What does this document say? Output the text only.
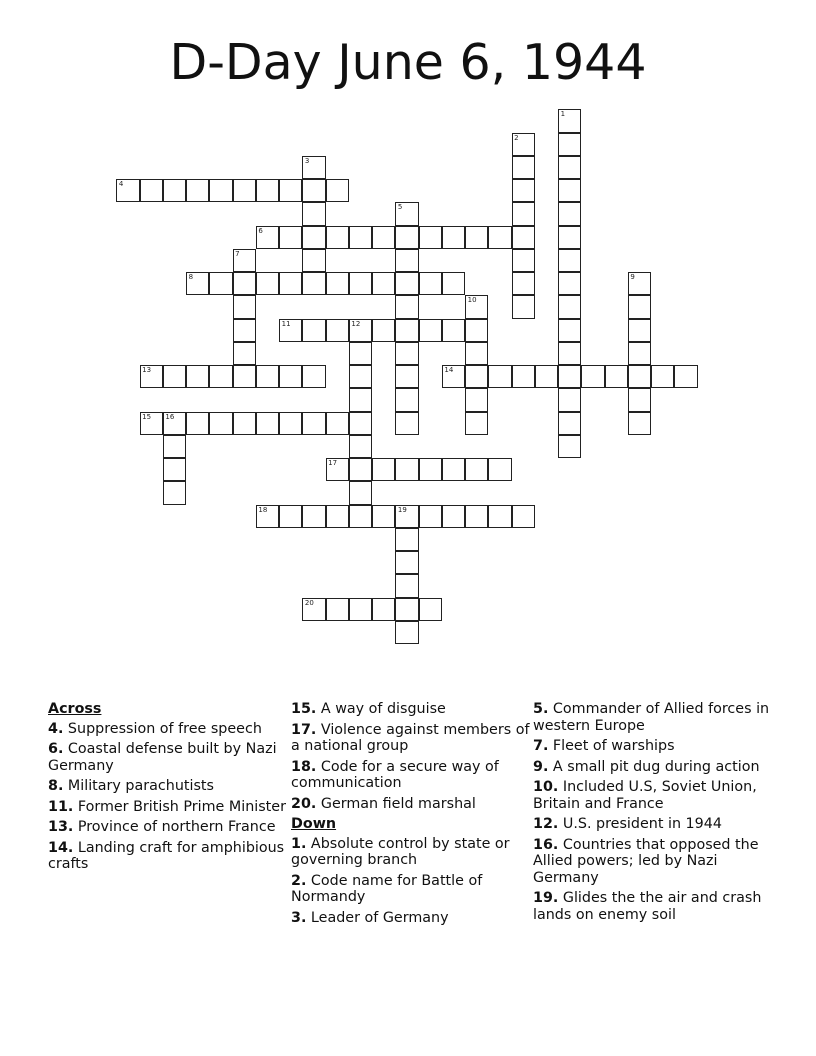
D-Day June 6, 1944
1
2
3
4
5
6
7
8	9
10
11	12
13	14
15 16
17
18	19
20
Across
4. Suppression of free speech
6. Coastal defense built by Nazi Germany
8. Military parachutists
11. Former British Prime Minister
13. Province of northern France
14. Landing craft for amphibious crafts
15. A way of disguise
17. Violence against members of a national group
18. Code for a secure way of communication
20. German field marshal
Down
1. Absolute control by state or governing branch
2. Code name for Battle of Normandy
3. Leader of Germany
5. Commander of Allied forces in western Europe
7. Fleet of warships
9. A small pit dug during action
10. Included U.S, Soviet Union, Britain and France
12. U.S. president in 1944
16. Countries that opposed the Allied powers; led by Nazi Germany
19. Glides the the air and crash lands on enemy soil
